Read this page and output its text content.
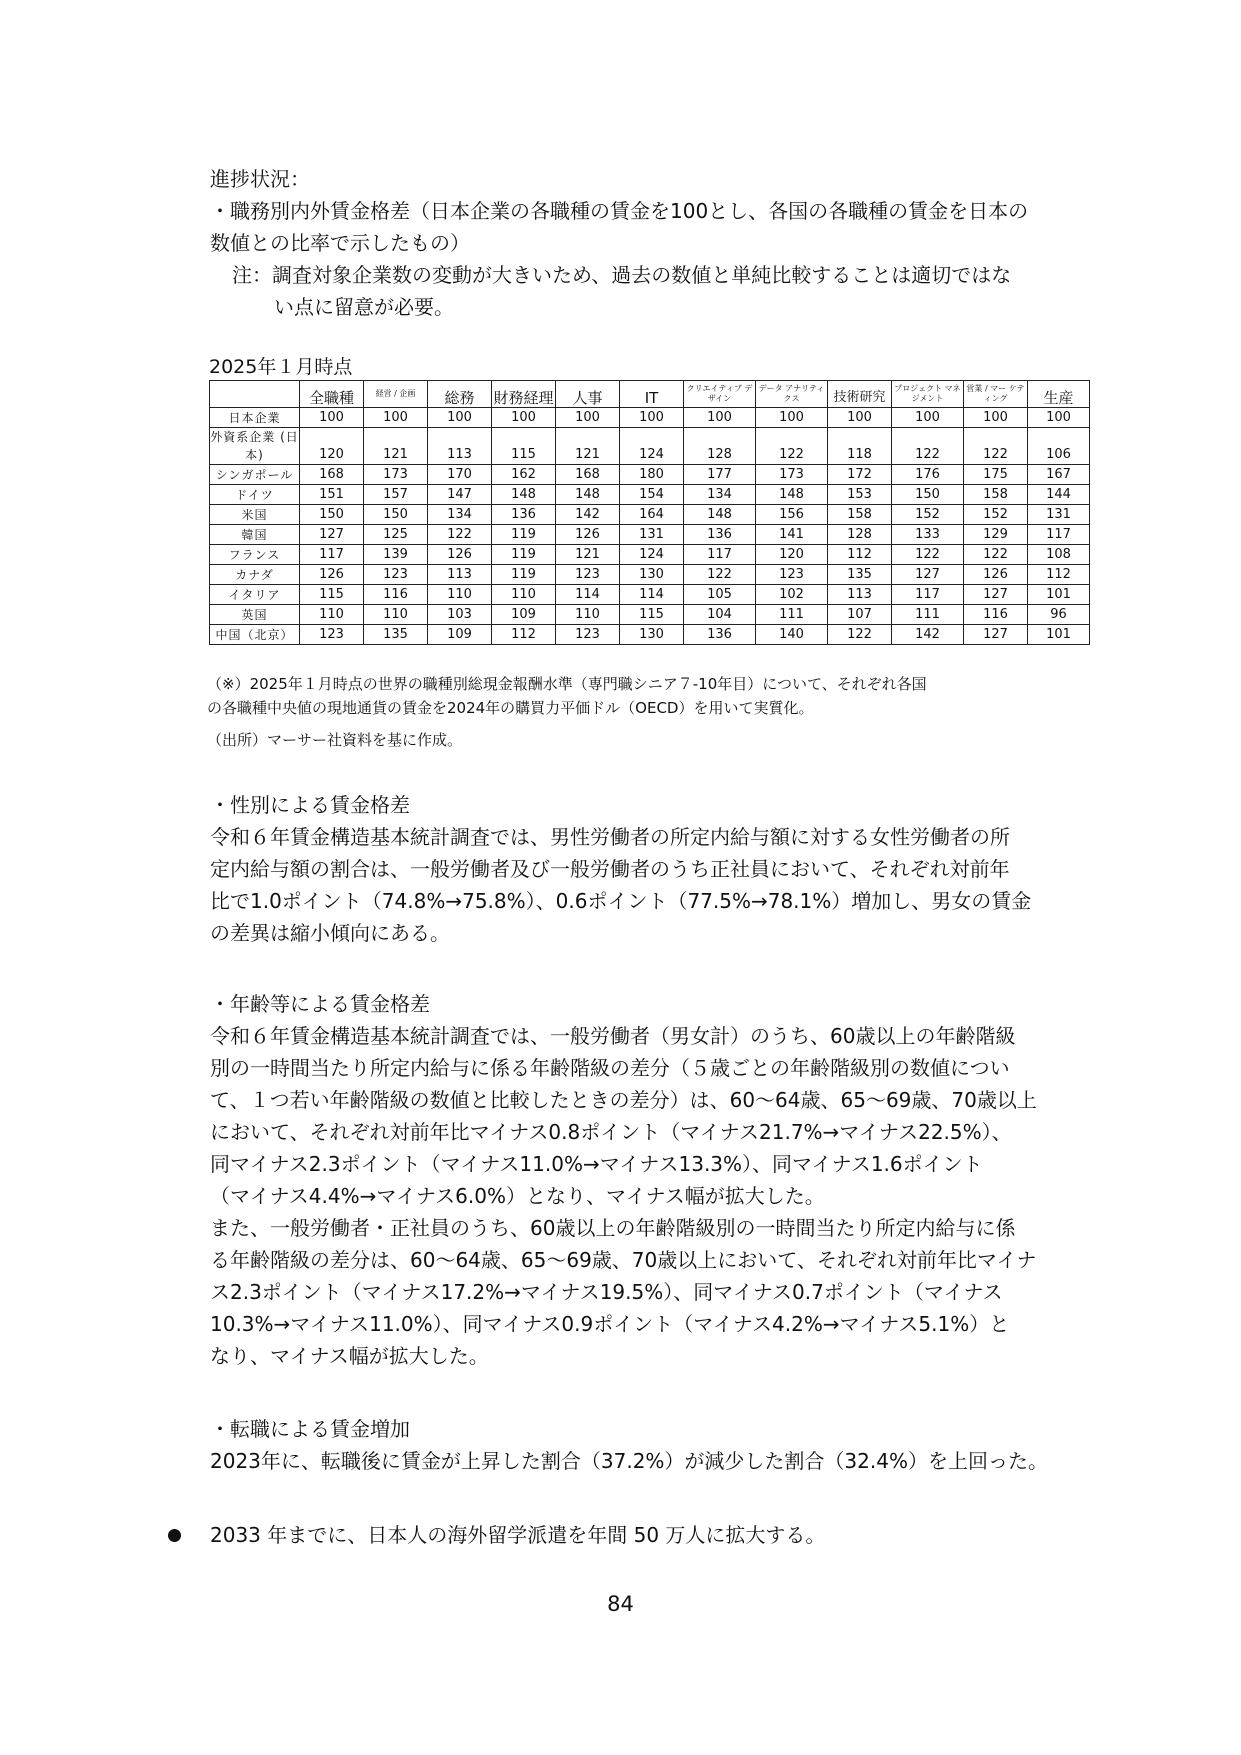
進捗状況：
・職務別内外賃金格差（日本企業の各職種の賃金を100とし、各国の各職種の賃金を日本の
数値との比率で示したもの）
注：調査対象企業数の変動が大きいため、過去の数値と単純比較することは適切ではな
い点に留意が必要。
2025年１月時点
	全職種	経営 / 企画	総務	財務経理	人事	IT	クリエイティブ デザイン	データ アナリティクス	技術研究	プロジェクト マネジメント	営業 / マー ケティング	生産
日本企業	100	100	100	100	100	100	100	100	100	100	100	100
外資系企業 (日本)	120	121	113	115	121	124	128	122	118	122	122	106
シンガポール	168	173	170	162	168	180	177	173	172	176	175	167
ドイツ	151	157	147	148	148	154	134	148	153	150	158	144
米国	150	150	134	136	142	164	148	156	158	152	152	131
韓国	127	125	122	119	126	131	136	141	128	133	129	117
フランス	117	139	126	119	121	124	117	120	112	122	122	108
カナダ	126	123	113	119	123	130	122	123	135	127	126	112
イタリア	115	116	110	110	114	114	105	102	113	117	127	101
英国	110	110	103	109	110	115	104	111	107	111	116	96
中国（北京）	123	135	109	112	123	130	136	140	122	142	127	101
（※）2025年１月時点の世界の職種別総現金報酬水準（専門職シニア７-10年目）について、それぞれ各国
の各職種中央値の現地通貨の賃金を2024年の購買力平価ドル（OECD）を用いて実質化。
（出所）マーサー社資料を基に作成。
・性別による賃金格差
令和６年賃金構造基本統計調査では、男性労働者の所定内給与額に対する女性労働者の所
定内給与額の割合は、一般労働者及び一般労働者のうち正社員において、それぞれ対前年
比で1.0ポイント（74.8%→75.8%）、0.6ポイント（77.5%→78.1%）増加し、男女の賃金
の差異は縮小傾向にある。
・年齢等による賃金格差
令和６年賃金構造基本統計調査では、一般労働者（男女計）のうち、60歳以上の年齢階級
別の一時間当たり所定内給与に係る年齢階級の差分（５歳ごとの年齢階級別の数値につい
て、１つ若い年齢階級の数値と比較したときの差分）は、60～64歳、65～69歳、70歳以上
において、それぞれ対前年比マイナス0.8ポイント（マイナス21.7%→マイナス22.5%）、
同マイナス2.3ポイント（マイナス11.0%→マイナス13.3%）、同マイナス1.6ポイント
（マイナス4.4%→マイナス6.0%）となり、マイナス幅が拡大した。
また、一般労働者・正社員のうち、60歳以上の年齢階級別の一時間当たり所定内給与に係
る年齢階級の差分は、60～64歳、65～69歳、70歳以上において、それぞれ対前年比マイナ
ス2.3ポイント（マイナス17.2%→マイナス19.5%）、同マイナス0.7ポイント（マイナス
10.3%→マイナス11.0%）、同マイナス0.9ポイント（マイナス4.2%→マイナス5.1%）と
なり、マイナス幅が拡大した。
・転職による賃金増加
2023年に、転職後に賃金が上昇した割合（37.2%）が減少した割合（32.4%）を上回った。
2033 年までに、日本人の海外留学派遣を年間 50 万人に拡大する。
84
